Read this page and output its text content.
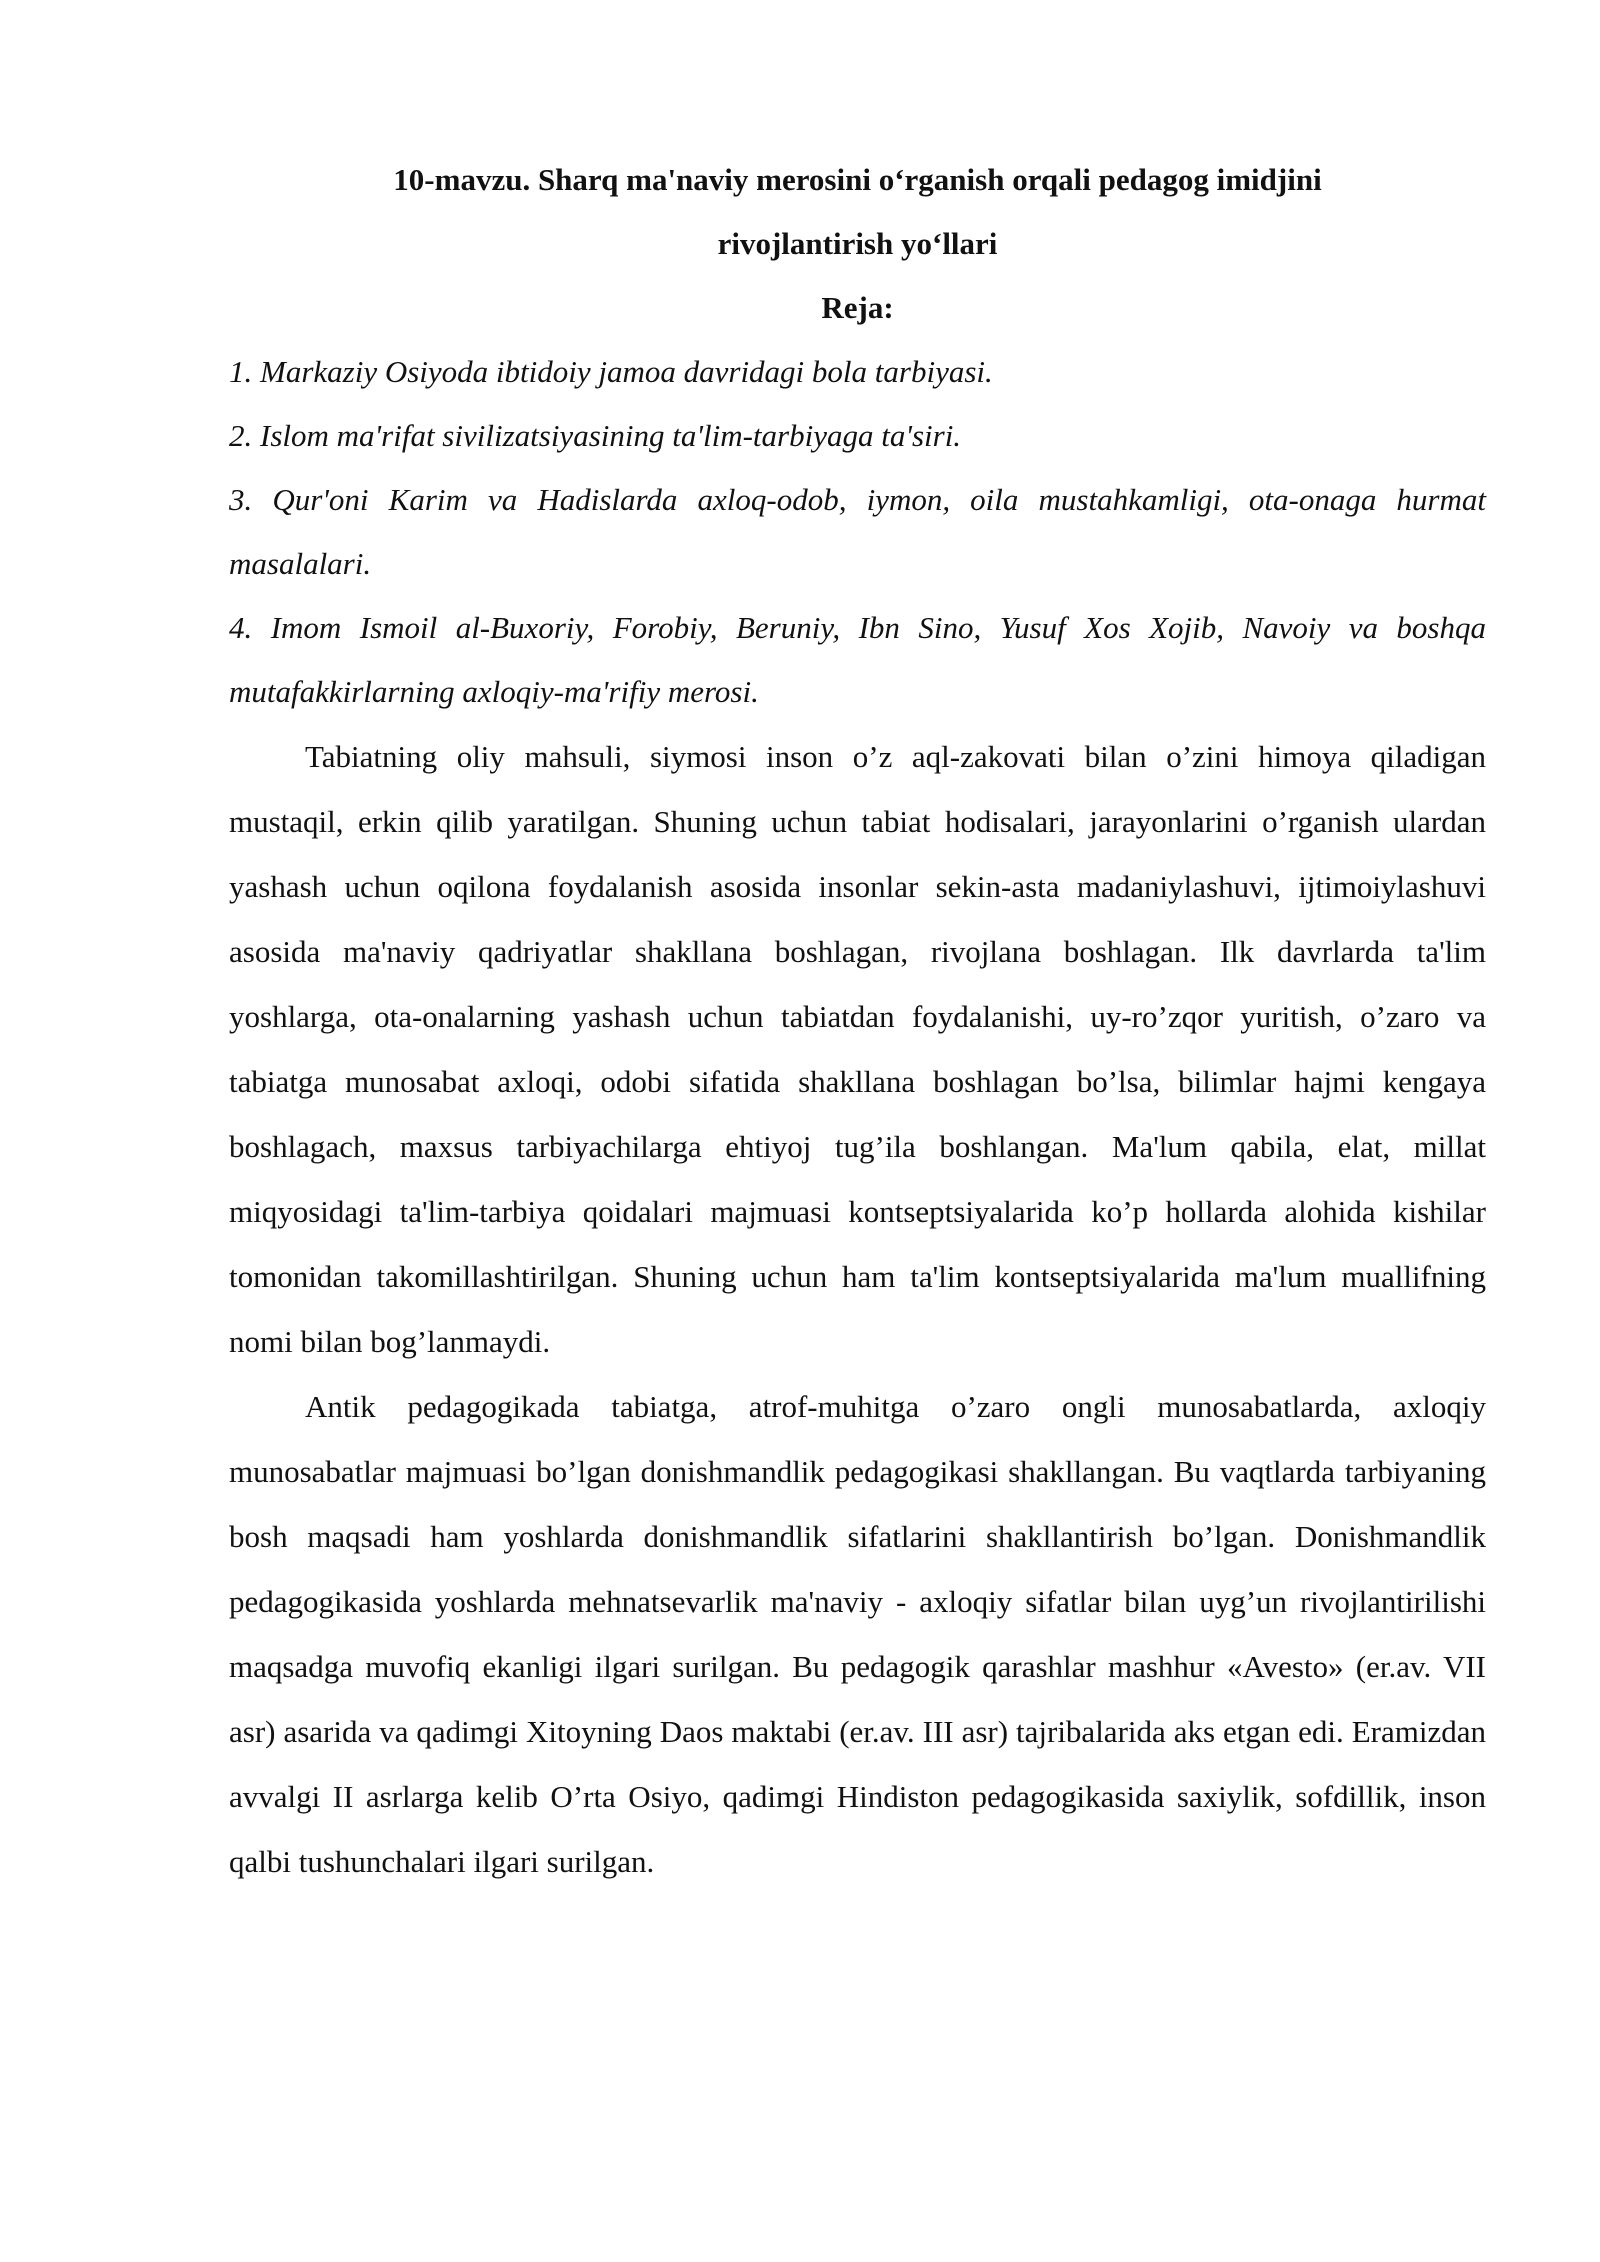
10-mavzu. Sharq ma'naviy merosini o‘rganish orqali pedagog imidjini
rivojlantirish yo‘llari

Reja:

1. Markaziy Osiyoda ibtidoiy jamoa davridagi bola tarbiyasi.
2. Islom ma'rifat sivilizatsiyasining ta'lim-tarbiyaga ta'siri.
3. Qur'oni Karim va Hadislarda axloq-odob, iymon, oila mustahkamligi, ota-onaga hurmat masalalari.
4. Imom Ismoil al-Buxoriy, Forobiy, Beruniy, Ibn Sino, Yusuf Xos Xojib, Navoiy va boshqa mutafakkirlarning axloqiy-ma'rifiy merosi.

Tabiatning oliy mahsuli, siymosi inson o’z aql-zakovati bilan o’zini himoya qiladigan mustaqil, erkin qilib yaratilgan. Shuning uchun tabiat hodisalari, jarayonlarini o’rganish ulardan yashash uchun oqilona foydalanish asosida insonlar sekin-asta madaniylashuvi, ijtimoiylashuvi asosida ma'naviy qadriyatlar shakllana boshlagan, rivojlana boshlagan. Ilk davrlarda ta'lim yoshlarga, ota-onalarning yashash uchun tabiatdan foydalanishi, uy-ro’zqor yuritish, o’zaro va tabiatga munosabat axloqi, odobi sifatida shakllana boshlagan bo’lsa, bilimlar hajmi kengaya boshlagach, maxsus tarbiyachilarga ehtiyoj tug’ila boshlangan. Ma'lum qabila, elat, millat miqyosidagi ta'lim-tarbiya qoidalari majmuasi kontseptsiyalarida ko’p hollarda alohida kishilar tomonidan takomillashtirilgan. Shuning uchun ham ta'lim kontseptsiyalarida ma'lum muallifning nomi bilan bog’lanmaydi.

Antik pedagogikada tabiatga, atrof-muhitga o’zaro ongli munosabatlarda, axloqiy munosabatlar majmuasi bo’lgan donishmandlik pedagogikasi shakllangan. Bu vaqtlarda tarbiyaning bosh maqsadi ham yoshlarda donishmandlik sifatlarini shakllantirish bo’lgan. Donishmandlik pedagogikasida yoshlarda mehnatsevarlik ma'naviy - axloqiy sifatlar bilan uyg’un rivojlantirilishi maqsadga muvofiq ekanligi ilgari surilgan. Bu pedagogik qarashlar mashhur «Avesto» (er.av. VII asr) asarida va qadimgi Xitoyning Daos maktabi (er.av. III asr) tajribalarida aks etgan edi. Eramizdan avvalgi II asrlarga kelib O’rta Osiyo, qadimgi Hindiston pedagogikasida saxiylik, sofdillik, inson qalbi tushunchalari ilgari surilgan.
